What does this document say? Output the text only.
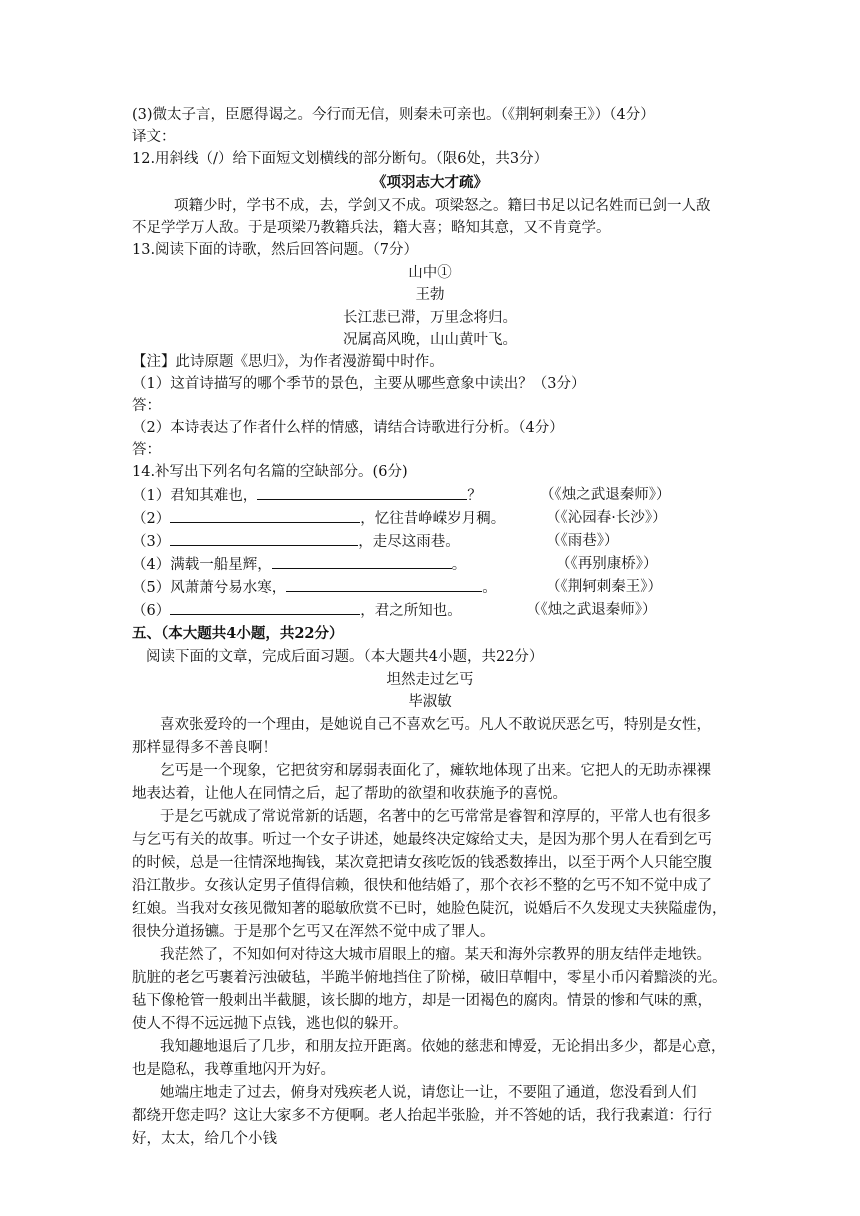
(3)微太子言，臣愿得谒之。今行而无信，则秦未可亲也。（《荆轲刺秦王》）（4分）
译文：
12.用斜线（/）给下面短文划横线的部分断句。（限6处，共3分）
《项羽志大才疏》
项籍少时，学书不成，去，学剑又不成。项梁怒之。籍曰书足以记名姓而已剑一人敌
不足学学万人敌。于是项梁乃教籍兵法，籍大喜；略知其意，又不肯竟学。
13.阅读下面的诗歌，然后回答问题。（7分）
山中①
王勃
长江悲已滞，万里念将归。
况属高风晚，山山黄叶飞。
【注】此诗原题《思归》，为作者漫游蜀中时作。
（1）这首诗描写的哪个季节的景色，主要从哪些意象中读出？（3分）
答：
（2）本诗表达了作者什么样的情感，请结合诗歌进行分析。（4分）
答：
14.补写出下列名句名篇的空缺部分。(6分)
（1）君知其难也，	？	（《烛之武退秦师》）
（2）	，忆往昔峥嵘岁月稠。	（《沁园春·长沙》）
（3）	，走尽这雨巷。	（《雨巷》）
（4）满载一船星辉，	。	（《再别康桥》）
（5）风萧萧兮易水寒，	。	（《荆轲刺秦王》）
（6）	，君之所知也。	（《烛之武退秦师》）
五、（本大题共4小题，共22分）
阅读下面的文章，完成后面习题。（本大题共4小题，共22分）
坦然走过乞丐
毕淑敏
喜欢张爱玲的一个理由，是她说自己不喜欢乞丐。凡人不敢说厌恶乞丐，特别是女性，
那样显得多不善良啊！
乞丐是一个现象，它把贫穷和孱弱表面化了，瘫软地体现了出来。它把人的无助赤裸裸
地表达着，让他人在同情之后，起了帮助的欲望和收获施予的喜悦。
于是乞丐就成了常说常新的话题，名著中的乞丐常常是睿智和淳厚的，平常人也有很多
与乞丐有关的故事。听过一个女子讲述，她最终决定嫁给丈夫，是因为那个男人在看到乞丐
的时候，总是一往情深地掏钱，某次竟把请女孩吃饭的钱悉数捧出，以至于两个人只能空腹
沿江散步。女孩认定男子值得信赖，很快和他结婚了，那个衣衫不整的乞丐不知不觉中成了
红娘。当我对女孩见微知著的聪敏欣赏不已时，她脸色陡沉，说婚后不久发现丈夫狭隘虚伪，
很快分道扬镳。于是那个乞丐又在浑然不觉中成了罪人。
我茫然了，不知如何对待这大城市眉眼上的瘤。某天和海外宗教界的朋友结伴走地铁。
肮脏的老乞丐裹着污浊破毡，半跪半俯地挡住了阶梯，破旧草帽中，零星小币闪着黯淡的光。
毡下像枪管一般刺出半截腿，该长脚的地方，却是一团褐色的腐肉。情景的惨和气味的熏，
使人不得不远远抛下点钱，逃也似的躲开。
我知趣地退后了几步，和朋友拉开距离。依她的慈悲和博爱，无论捐出多少，都是心意，
也是隐私，我尊重地闪开为好。
她端庄地走了过去，俯身对残疾老人说，请您让一让，不要阻了通道，您没看到人们
都绕开您走吗？这让大家多不方便啊。老人抬起半张脸，并不答她的话，我行我素道：行行
好，太太，给几个小钱
